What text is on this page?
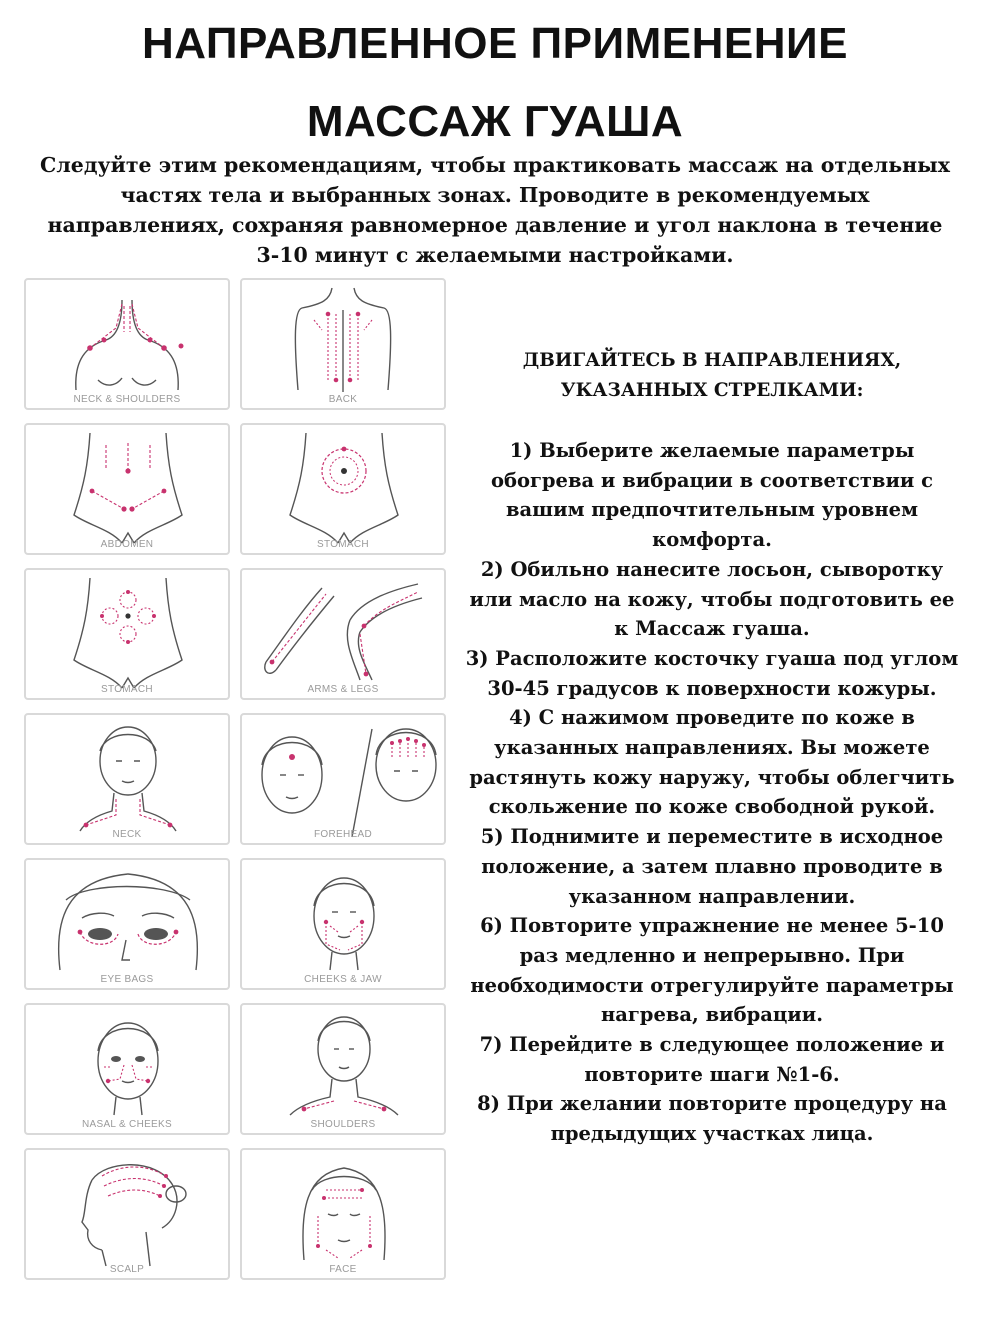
НАПРАВЛЕННОЕ ПРИМЕНЕНИЕ
МАССАЖ ГУАША

Следуйте этим рекомендациям, чтобы практиковать массаж на отдельных частях тела и выбранных зонах. Проводите в рекомендуемых направлениях, сохраняя равномерное давление и угол наклона в течение 3-10 минут с желаемыми настройками.

NECK & SHOULDERS	BACK
ABDOMEN	STOMACH
STOMACH	ARMS & LEGS
NECK	FOREHEAD
EYE BAGS	CHEEKS & JAW
NASAL & CHEEKS	SHOULDERS
SCALP	FACE
ДВИГАЙТЕСЬ В НАПРАВЛЕНИЯХ, УКАЗАННЫХ СТРЕЛКАМИ:

1) Выберите желаемые параметры обогрева и вибрации в соответствии с вашим предпочтительным уровнем комфорта.

2) Обильно нанесите лосьон, сыворотку или масло на кожу, чтобы подготовить ее к Массаж гуаша.

3) Расположите косточку гуаша под углом 30-45 градусов к поверхности кожуры.

4) С нажимом проведите по коже в указанных направлениях. Вы можете растянуть кожу наружу, чтобы облегчить скольжение по коже свободной рукой.

5) Поднимите и переместите в исходное положение, а затем плавно проводите в указанном направлении.

6) Повторите упражнение не менее 5-10 раз медленно и непрерывно. При необходимости отрегулируйте параметры нагрева, вибрации.

7) Перейдите в следующее положение и повторите шаги №1-6.

8) При желании повторите процедуру на предыдущих участках лица.
